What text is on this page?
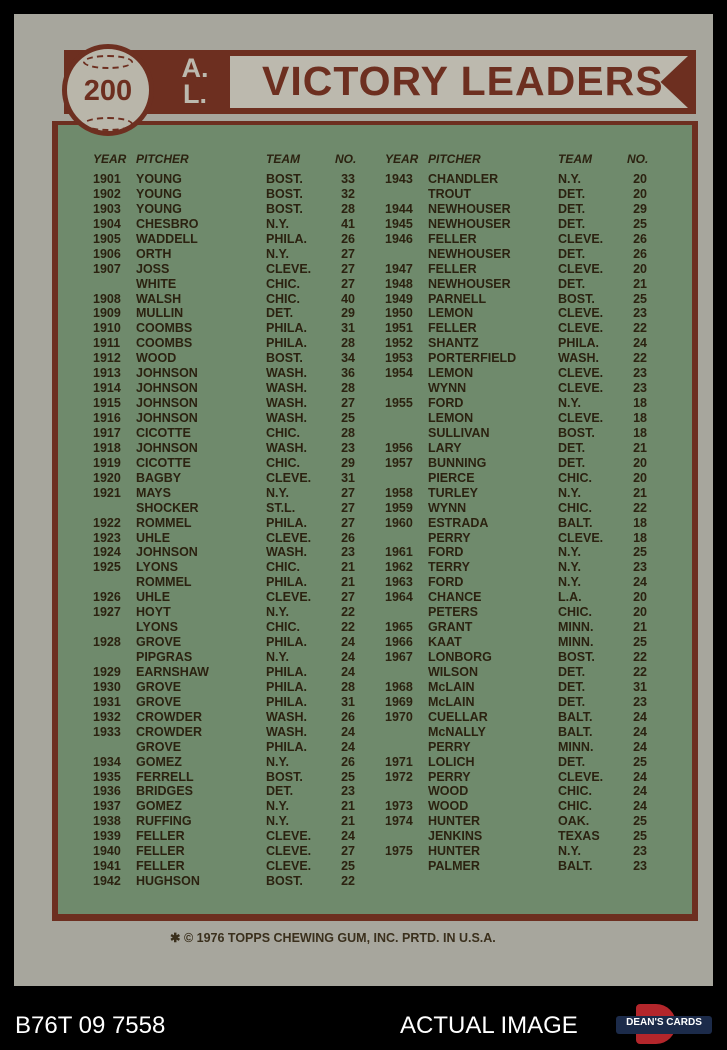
VICTORY LEADERS
A.
L.
200
YEAR PITCHER	TEAM	NO.
1901 YOUNG	BOST.	33
1902 YOUNG	BOST.	32
1903 YOUNG	BOST.	28
1904 CHESBRO	N.Y.	41
1905 WADDELL	PHILA.	26
1906 ORTH	N.Y.	27
1907 JOSS	CLEVE.	27
WHITE	CHIC.	27
1908 WALSH	CHIC.	40
1909 MULLIN	DET.	29
1910 COOMBS	PHILA.	31
1911 COOMBS	PHILA.	28
1912 WOOD	BOST.	34
1913 JOHNSON	WASH.	36
1914 JOHNSON	WASH.	28
1915 JOHNSON	WASH.	27
1916 JOHNSON	WASH.	25
1917 CICOTTE	CHIC.	28
1918 JOHNSON	WASH.	23
1919 CICOTTE	CHIC.	29
1920 BAGBY	CLEVE.	31
1921 MAYS	N.Y.	27
SHOCKER	ST.L.	27
1922 ROMMEL	PHILA.	27
1923 UHLE	CLEVE.	26
1924 JOHNSON	WASH.	23
1925 LYONS	CHIC.	21
ROMMEL	PHILA.	21
1926 UHLE	CLEVE.	27
1927 HOYT	N.Y.	22
LYONS	CHIC.	22
1928 GROVE	PHILA.	24
PIPGRAS	N.Y.	24
1929 EARNSHAW	PHILA.	24
1930 GROVE	PHILA.	28
1931 GROVE	PHILA.	31
1932 CROWDER	WASH.	26
1933 CROWDER	WASH.	24
GROVE	PHILA.	24
1934 GOMEZ	N.Y.	26
1935 FERRELL	BOST.	25
1936 BRIDGES	DET.	23
1937 GOMEZ	N.Y.	21
1938 RUFFING	N.Y.	21
1939 FELLER	CLEVE.	24
1940 FELLER	CLEVE.	27
1941 FELLER	CLEVE.	25
1942 HUGHSON	BOST.	22
YEAR PITCHER	TEAM	NO.
1943 CHANDLER	N.Y.	20
TROUT	DET.	20
1944 NEWHOUSER	DET.	29
1945 NEWHOUSER	DET.	25
1946 FELLER	CLEVE.	26
NEWHOUSER	DET.	26
1947 FELLER	CLEVE.	20
1948 NEWHOUSER	DET.	21
1949 PARNELL	BOST.	25
1950 LEMON	CLEVE.	23
1951 FELLER	CLEVE.	22
1952 SHANTZ	PHILA.	24
1953 PORTERFIELD	WASH.	22
1954 LEMON	CLEVE.	23
WYNN	CLEVE.	23
1955 FORD	N.Y.	18
LEMON	CLEVE.	18
SULLIVAN	BOST.	18
1956 LARY	DET.	21
1957 BUNNING	DET.	20
PIERCE	CHIC.	20
1958 TURLEY	N.Y.	21
1959 WYNN	CHIC.	22
1960 ESTRADA	BALT.	18
PERRY	CLEVE.	18
1961 FORD	N.Y.	25
1962 TERRY	N.Y.	23
1963 FORD	N.Y.	24
1964 CHANCE	L.A.	20
PETERS	CHIC.	20
1965 GRANT	MINN.	21
1966 KAAT	MINN.	25
1967 LONBORG	BOST.	22
WILSON	DET.	22
1968 McLAIN	DET.	31
1969 McLAIN	DET.	23
1970 CUELLAR	BALT.	24
McNALLY	BALT.	24
PERRY	MINN.	24
1971 LOLICH	DET.	25
1972 PERRY	CLEVE.	24
WOOD	CHIC.	24
1973 WOOD	CHIC.	24
1974 HUNTER	OAK.	25
JENKINS	TEXAS	25
1975 HUNTER	N.Y.	23
PALMER	BALT.	23
✱ © 1976 TOPPS CHEWING GUM, INC. PRTD. IN U.S.A.
B76T 09 7558	ACTUAL IMAGE	DEAN'S CARDS
